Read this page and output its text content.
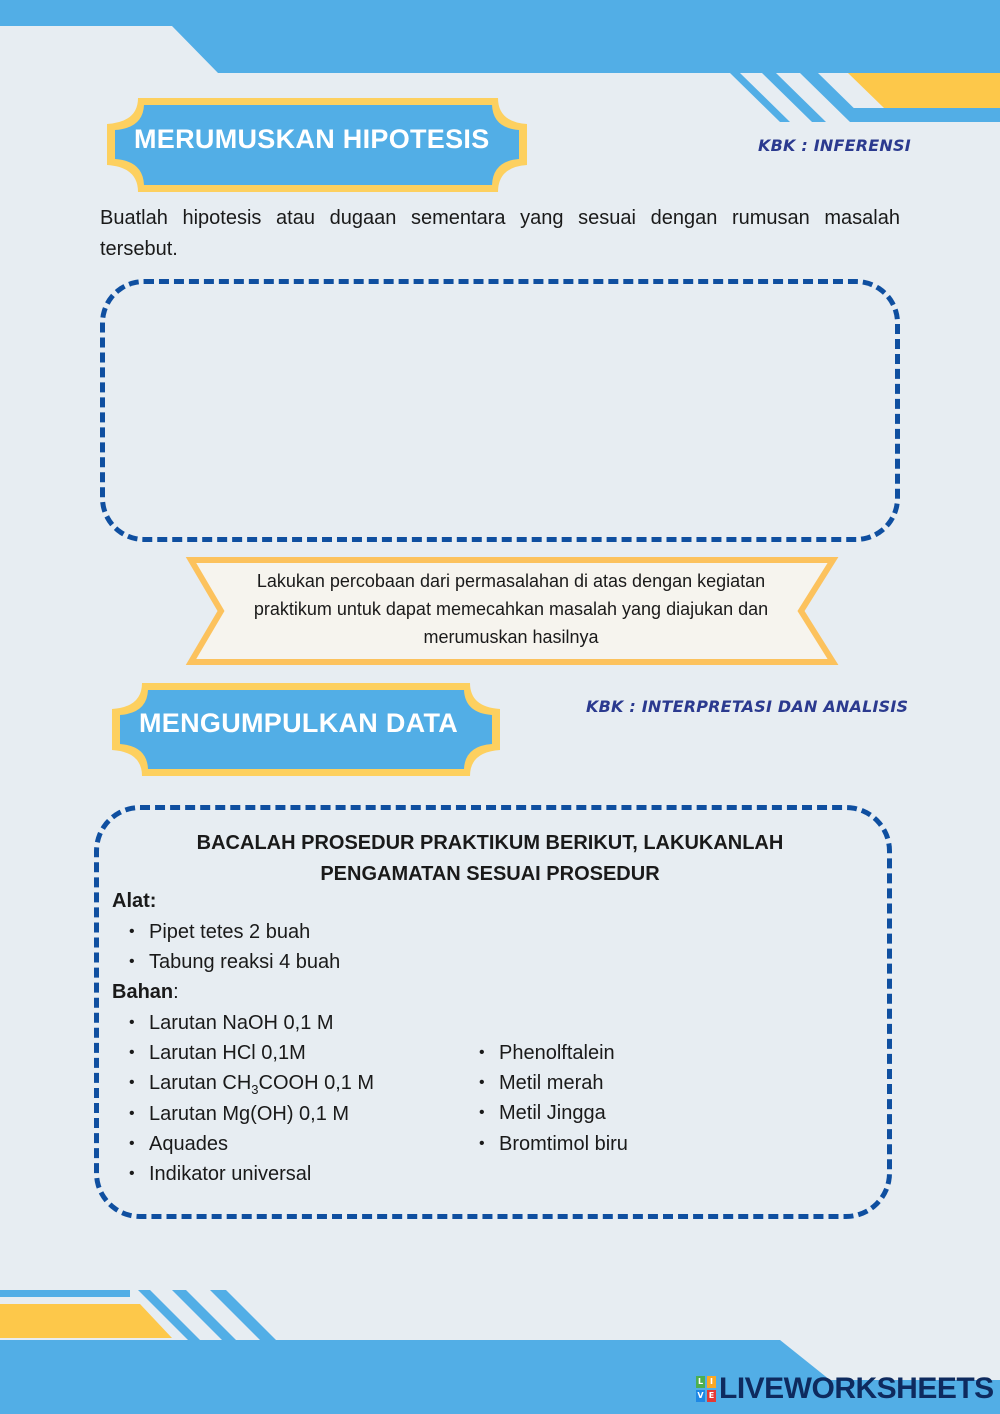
MERUMUSKAN HIPOTESIS	KBK : INFERENSI

Buatlah hipotesis atau dugaan sementara yang sesuai dengan rumusan masalah tersebut.

Lakukan percobaan dari permasalahan di atas dengan kegiatan praktikum untuk dapat memecahkan masalah yang diajukan dan merumuskan hasilnya
MENGUMPULKAN DATA
KBK : INTERPRETASI DAN ANALISIS
BACALAH PROSEDUR PRAKTIKUM BERIKUT, LAKUKANLAH
PENGAMATAN SESUAI PROSEDUR
Alat:
• Pipet tetes 2 buah
• Tabung reaksi 4 buah
Bahan:
• Larutan NaOH 0,1 M
• Larutan HCl 0,1M
• Larutan $CH_3COOH$ 0,1 M
• Larutan Mg(OH) 0,1 M
• Aquades
• Indikator universal
• Phenolftalein
• Metil merah
• Metil Jingga
• Bromtimol biru
L I
V E LIVEWORKSHEETS
